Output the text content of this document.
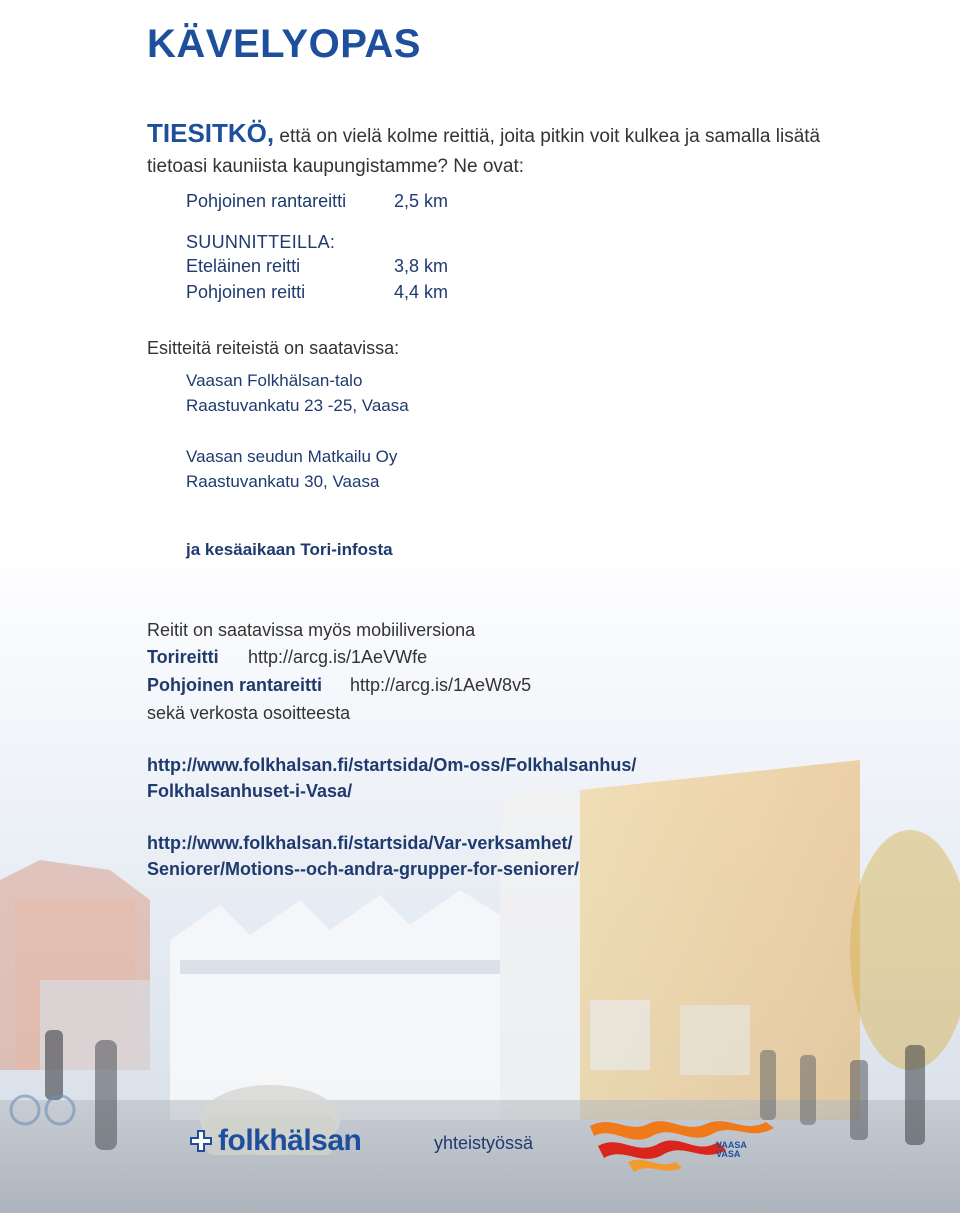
KÄVELYOPAS
TIESITKÖ, että on vielä kolme reittiä, joita pitkin voit kulkea ja samalla lisätä tietoasi kauniista kaupungistamme? Ne ovat:
Pohjoinen rantareitti	2,5 km
SUUNNITTEILLA:
Eteläinen reitti	3,8 km
Pohjoinen reitti	4,4 km
Esitteitä reiteistä on saatavissa:
Vaasan Folkhälsan-talo
Raastuvankatu 23 -25, Vaasa
Vaasan seudun Matkailu Oy
Raastuvankatu 30, Vaasa
ja kesäaikaan Tori-infosta
Reitit on saatavissa myös mobiiliversiona
Torireitti http://arcg.is/1AeVWfe
Pohjoinen rantareitti http://arcg.is/1AeW8v5
sekä verkosta osoitteesta
http://www.folkhalsan.fi/startsida/Om-oss/Folkhalsanhus/
Folkhalsanhuset-i-Vasa/
http://www.folkhalsan.fi/startsida/Var-verksamhet/
Seniorer/Motions--och-andra-grupper-for-seniorer/
folkhälsan	yhteistyössä	VAASA
VASA
